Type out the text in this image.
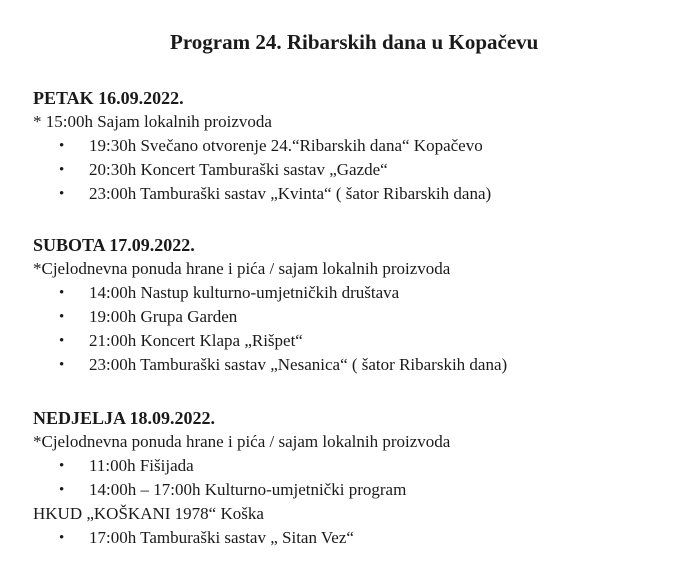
Program 24. Ribarskih dana u Kopačevu
PETAK 16.09.2022.
* 15:00h Sajam lokalnih proizvoda
• 19:30h Svečano otvorenje 24.“Ribarskih dana“ Kopačevo
• 20:30h Koncert Tamburaški sastav „Gazde“
• 23:00h Tamburaški sastav „Kvinta“ ( šator Ribarskih dana)
SUBOTA 17.09.2022.
*Cjelodnevna ponuda hrane i pića / sajam lokalnih proizvoda
• 14:00h Nastup kulturno-umjetničkih društava
• 19:00h Grupa Garden
• 21:00h Koncert Klapa „Rišpet“
• 23:00h Tamburaški sastav „Nesanica“ ( šator Ribarskih dana)
NEDJELJA 18.09.2022.
*Cjelodnevna ponuda hrane i pića / sajam lokalnih proizvoda
• 11:00h Fišijada
• 14:00h – 17:00h Kulturno-umjetnički program
HKUD „KOŠKANI 1978“ Koška
• 17:00h Tamburaški sastav „ Sitan Vez“
